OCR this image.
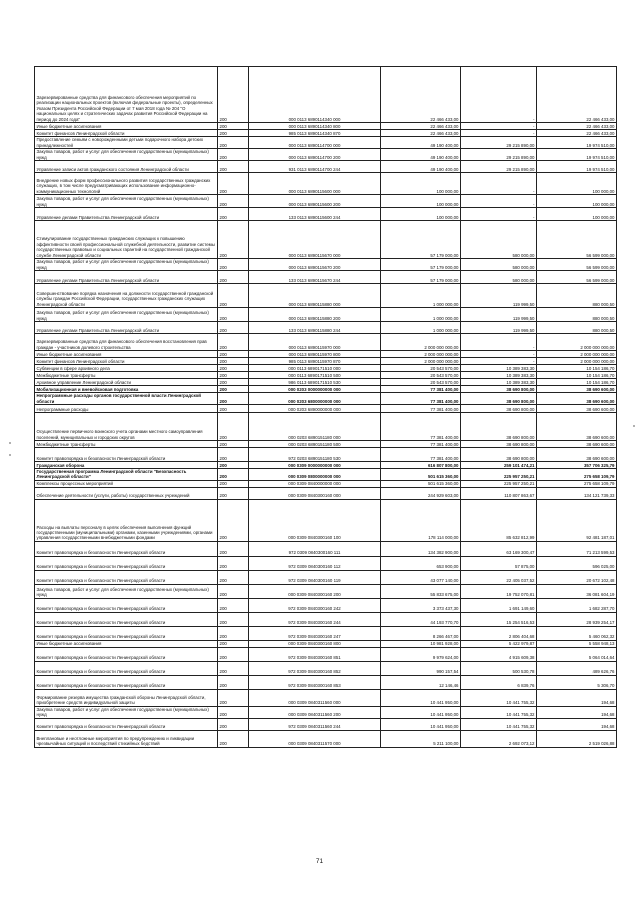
Зарезервированные средства для финансового обеспечения мероприятий по реализации национальных проектов (включая федеральные проекты), определенных Указом Президента Российской Федерации от 7 мая 2018 года № 204 "О национальных целях и стратегических задачах развития Российской Федерации на период до 2024 года"	200	000 0113 6890114340 000	22 466 433,00	-	22 466 433,00
Иные бюджетные ассигнования	200	000 0113 6890114340 800	22 466 433,00	-	22 466 433,00
Комитет финансов Ленинградской области	200	985 0113 6890114340 870	22 466 433,00	-	22 466 433,00
Предоставление семьям с новорожденными детьми подарочного набора детских принадлежностей	200	000 0113 6890114700 000	49 190 400,00	29 215 890,00	19 974 510,00
Закупка товаров, работ и услуг для обеспечения государственных (муниципальных) нужд	200	000 0113 6890114700 200	49 190 400,00	29 215 890,00	19 974 510,00
Управление записи актов гражданского состояния Ленинградской области	200	931 0113 6890114700 244	49 190 400,00	29 215 890,00	19 974 510,00
Внедрение новых форм профессионального развития государственных гражданских служащих, в том числе предусматривающих использование информационно-коммуникационных технологий	200	000 0113 6890115600 000	100 000,00	-	100 000,00
Закупка товаров, работ и услуг для обеспечения государственных (муниципальных) нужд	200	000 0113 6890115600 200	100 000,00	-	100 000,00
Управление делами Правительства Ленинградской области	200	133 0113 6890115600 244	100 000,00	-	100 000,00
Стимулирование государственных гражданских служащих к повышению эффективности своей профессиональной служебной деятельности, развитие системы государственных правовых и социальных гарантий на государственной гражданской службе Ленинградской области	200	000 0113 6890115670 000	57 179 000,00	580 000,00	56 599 000,00
Закупка товаров, работ и услуг для обеспечения государственных (муниципальных) нужд	200	000 0113 6890115670 200	57 179 000,00	580 000,00	56 599 000,00
Управление делами Правительства Ленинградской области	200	133 0113 6890115670 244	57 179 000,00	580 000,00	56 599 000,00
Совершенствование порядка назначения на должности государственной гражданской службы граждан Российской Федерации, государственных гражданских служащих Ленинградской области	200	000 0113 6890115880 000	1 000 000,00	119 999,50	880 000,50
Закупка товаров, работ и услуг для обеспечения государственных (муниципальных) нужд	200	000 0113 6890115880 200	1 000 000,00	119 999,50	880 000,50
Управление делами Правительства Ленинградской области	200	133 0113 6890115880 244	1 000 000,00	119 999,50	880 000,50
Зарезервированные средства для финансового обеспечения восстановления прав граждан - участников долевого строительства	200	000 0113 6890115970 000	2 000 000 000,00	-	2 000 000 000,00
Иные бюджетные ассигнования	200	000 0113 6890115970 800	2 000 000 000,00	-	2 000 000 000,00
Комитет финансов Ленинградской области	200	985 0113 6890115970 870	2 000 000 000,00	-	2 000 000 000,00
Субвенции в сфере архивного дела	200	000 0113 6890171510 000	20 543 570,00	10 389 383,30	10 154 186,70
Межбюджетные трансферты	200	000 0113 6890171510 500	20 543 570,00	10 389 383,30	10 154 186,70
Архивное управление Ленинградской области	200	986 0113 6890171510 530	20 543 570,00	10 389 383,30	10 154 186,70
Мобилизационная и вневойсковая подготовка	200	000 0203 0000000000 000	77 381 400,00	38 690 800,00	38 690 600,00
Непрограммные расходы органов государственной власти Ленинградской области	200	000 0203 6800000000 000	77 381 400,00	38 690 800,00	38 690 600,00
Непрограммные расходы	200	000 0203 6890000000 000	77 381 400,00	38 690 800,00	38 690 600,00
Осуществление первичного воинского учета органами местного самоуправления поселений, муниципальных и городских округов	200	000 0203 6890151180 000	77 381 400,00	38 690 800,00	38 690 600,00
Межбюджетные трансферты	200	000 0203 6890151180 500	77 381 400,00	38 690 800,00	38 690 600,00
Комитет правопорядка и безопасности Ленинградской области	200	972 0203 6890151180 530	77 381 400,00	38 690 800,00	38 690 600,00
Гражданская оборона	200	000 0309 0000000000 000	616 807 800,00	259 101 474,21	357 706 325,79
Государственная программа Ленинградской области "Безопасность Ленинградской области"	200	000 0309 0800000000 000	501 615 360,00	225 957 250,21	275 658 109,79
Комплексы процессных мероприятий	200	000 0309 0840000000 000	501 615 360,00	225 957 250,21	275 658 109,79
Обеспечение деятельности (услуги, работы) государственных учреждений	200	000 0309 0840300160 000	244 929 603,00	110 807 863,67	134 121 739,33
Расходы на выплаты персоналу в целях обеспечения выполнения функций государственными (муниципальными) органами, казенными учреждениями, органами управления государственными внебюджетными фондами	200	000 0309 0840300160 100	178 114 000,00	85 632 812,99	92 481 187,01
Комитет правопорядка и безопасности Ленинградской области	200	972 0309 0840300160 111	134 382 900,00	63 169 300,47	71 213 599,53
Комитет правопорядка и безопасности Ленинградской области	200	972 0309 0840300160 112	653 900,00	57 875,00	596 025,00
Комитет правопорядка и безопасности Ленинградской области	200	972 0309 0840300160 119	43 077 140,00	22 405 037,52	20 672 102,48
Закупка товаров, работ и услуг для обеспечения государственных (муниципальных) нужд	200	000 0309 0840300160 200	55 833 675,00	19 752 070,81	36 081 604,19
Комитет правопорядка и безопасности Ленинградской области	200	972 0309 0840300160 242	3 373 437,30	1 691 149,60	1 682 287,70
Комитет правопорядка и безопасности Ленинградской области	200	972 0309 0840300160 244	44 193 770,70	15 254 516,53	28 939 254,17
Комитет правопорядка и безопасности Ленинградской области	200	972 0309 0840300160 247	8 266 467,00	2 806 404,68	5 460 062,32
Иные бюджетные ассигнования	200	000 0309 0840300160 800	10 981 928,00	5 422 979,87	5 558 948,13
Комитет правопорядка и безопасности Ленинградской области	200	972 0309 0840300160 851	9 979 624,00	4 915 609,38	5 064 014,64
Комитет правопорядка и безопасности Ленинградской области	200	972 0309 0840300160 852	990 157,54	500 530,78	489 626,76
Комитет правопорядка и безопасности Ленинградской области	200	972 0309 0840300160 853	12 146,46	6 839,76	5 306,70
Формирование резерва имущества гражданской обороны Ленинградской области, приобретение средств индивидуальной защиты	200	000 0309 0840311560 000	10 441 950,00	10 441 755,32	194,68
Закупка товаров, работ и услуг для обеспечения государственных (муниципальных) нужд	200	000 0309 0840311560 200	10 441 950,00	10 441 755,32	194,68
Комитет правопорядка и безопасности Ленинградской области	200	972 0309 0840311560 244	10 441 950,00	10 441 755,32	194,68
Внеплановые и неотложные мероприятия по предупреждению и ликвидации чрезвычайных ситуаций и последствий стихийных бедствий	200	000 0309 0840311570 000	5 211 100,00	2 692 073,12	2 519 026,88
71
